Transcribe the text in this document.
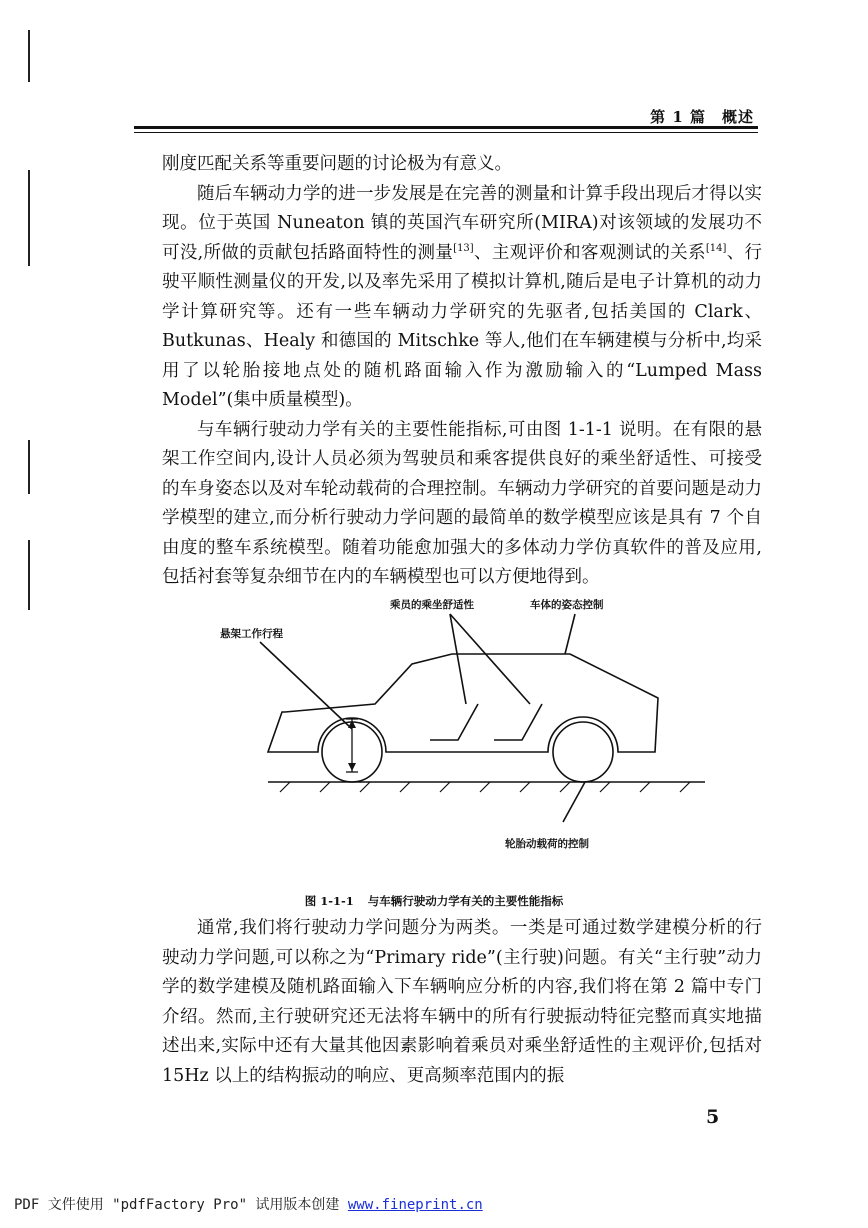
第 1 篇　概述

刚度匹配关系等重要问题的讨论极为有意义。

随后车辆动力学的进一步发展是在完善的测量和计算手段出现后才得以实现。位于英国 Nuneaton 镇的英国汽车研究所(MIRA)对该领域的发展功不可没,所做的贡献包括路面特性的测量[13]、主观评价和客观测试的关系[14]、行驶平顺性测量仪的开发,以及率先采用了模拟计算机,随后是电子计算机的动力学计算研究等。还有一些车辆动力学研究的先驱者,包括美国的 Clark、Butkunas、Healy 和德国的 Mitschke 等人,他们在车辆建模与分析中,均采用了以轮胎接地点处的随机路面输入作为激励输入的“Lumped Mass Model”(集中质量模型)。

与车辆行驶动力学有关的主要性能指标,可由图 1-1-1 说明。在有限的悬架工作空间内,设计人员必须为驾驶员和乘客提供良好的乘坐舒适性、可接受的车身姿态以及对车轮动载荷的合理控制。车辆动力学研究的首要问题是动力学模型的建立,而分析行驶动力学问题的最简单的数学模型应该是具有 7 个自由度的整车系统模型。随着功能愈加强大的多体动力学仿真软件的普及应用,包括衬套等复杂细节在内的车辆模型也可以方便地得到。

乘员的乘坐舒适性	车体的姿态控制
悬架工作行程
轮胎动载荷的控制
图 1-1-1 与车辆行驶动力学有关的主要性能指标

通常,我们将行驶动力学问题分为两类。一类是可通过数学建模分析的行驶动力学问题,可以称之为“Primary ride”(主行驶)问题。有关“主行驶”动力学的数学建模及随机路面输入下车辆响应分析的内容,我们将在第 2 篇中专门介绍。然而,主行驶研究还无法将车辆中的所有行驶振动特征完整而真实地描述出来,实际中还有大量其他因素影响着乘员对乘坐舒适性的主观评价,包括对 15Hz 以上的结构振动的响应、更高频率范围内的振

5
PDF 文件使用 "pdfFactory Pro" 试用版本创建 www.fineprint.cn
